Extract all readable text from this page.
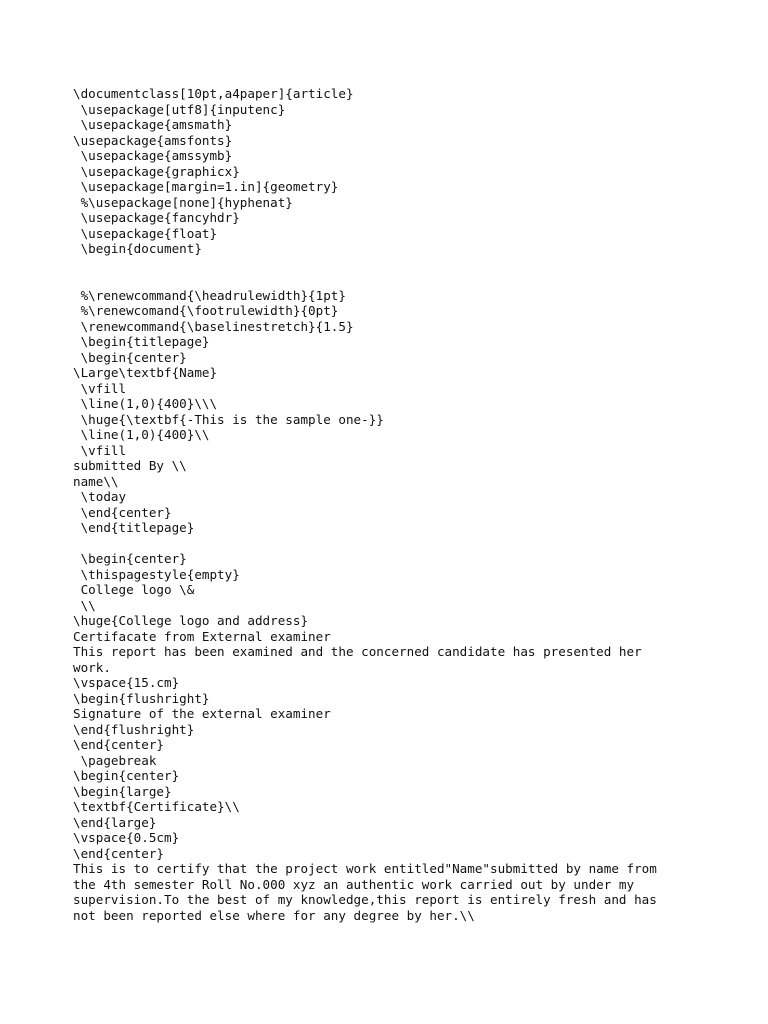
\documentclass[10pt,a4paper]{article}
\usepackage[utf8]{inputenc}
\usepackage{amsmath}
\usepackage{amsfonts}
\usepackage{amssymb}
\usepackage{graphicx}
\usepackage[margin=1.in]{geometry}
%\usepackage[none]{hyphenat}
\usepackage{fancyhdr}
\usepackage{float}
\begin{document}
%\renewcommand{\headrulewidth}{1pt}
%\renewcomand{\footrulewidth}{0pt}
\renewcommand{\baselinestretch}{1.5}
\begin{titlepage}
\begin{center}
\Large\textbf{Name}
\vfill
\line(1,0){400}\\\
\huge{\textbf{-This is the sample one-}}
\line(1,0){400}\\
\vfill
submitted By \\
name\\
\today
\end{center}
\end{titlepage}
\begin{center}
\thispagestyle{empty}
College logo \&
\\
\huge{College logo and address}
Certifacate from External examiner
This report has been examined and the concerned candidate has presented her
work.
\vspace{15.cm}
\begin{flushright}
Signature of the external examiner
\end{flushright}
\end{center}
\pagebreak
\begin{center}
\begin{large}
\textbf{Certificate}\\
\end{large}
\vspace{0.5cm}
\end{center}
This is to certify that the project work entitled"Name"submitted by name from
the 4th semester Roll No.000 xyz an authentic work carried out by under my
supervision.To the best of my knowledge,this report is entirely fresh and has
not been reported else where for any degree by her.\\
